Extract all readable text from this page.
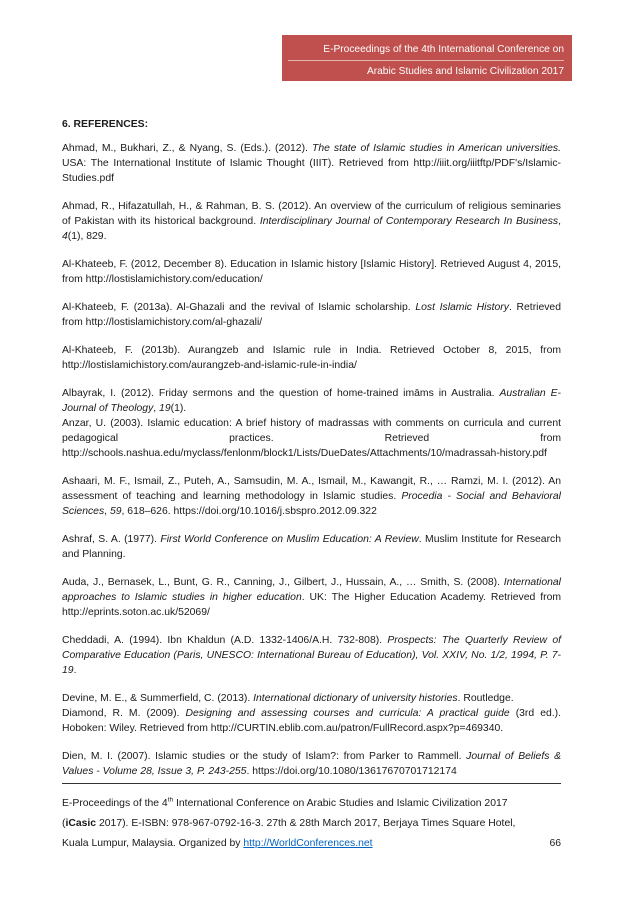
E-Proceedings of the 4th International Conference on
Arabic Studies and Islamic Civilization 2017

6. REFERENCES:

Ahmad, M., Bukhari, Z., & Nyang, S. (Eds.). (2012). The state of Islamic studies in American universities. USA: The International Institute of Islamic Thought (IIIT). Retrieved from http://iiit.org/iiitftp/PDF's/Islamic-Studies.pdf

Ahmad, R., Hifazatullah, H., & Rahman, B. S. (2012). An overview of the curriculum of religious seminaries of Pakistan with its historical background. Interdisciplinary Journal of Contemporary Research In Business, 4(1), 829.

Al-Khateeb, F. (2012, December 8). Education in Islamic history [Islamic History]. Retrieved August 4, 2015, from http://lostislamichistory.com/education/

Al-Khateeb, F. (2013a). Al-Ghazali and the revival of Islamic scholarship. Lost Islamic History. Retrieved from http://lostislamichistory.com/al-ghazali/

Al-Khateeb, F. (2013b). Aurangzeb and Islamic rule in India. Retrieved October 8, 2015, from http://lostislamichistory.com/aurangzeb-and-islamic-rule-in-india/

Albayrak, I. (2012). Friday sermons and the question of home-trained imāms in Australia. Australian E-Journal of Theology, 19(1).

Anzar, U. (2003). Islamic education: A brief history of madrassas with comments on curricula and current pedagogical practices. Retrieved from http://schools.nashua.edu/myclass/fenlonm/block1/Lists/DueDates/Attachments/10/madrassah-history.pdf

Ashaari, M. F., Ismail, Z., Puteh, A., Samsudin, M. A., Ismail, M., Kawangit, R., … Ramzi, M. I. (2012). An assessment of teaching and learning methodology in Islamic studies. Procedia - Social and Behavioral Sciences, 59, 618–626. https://doi.org/10.1016/j.sbspro.2012.09.322

Ashraf, S. A. (1977). First World Conference on Muslim Education: A Review. Muslim Institute for Research and Planning.

Auda, J., Bernasek, L., Bunt, G. R., Canning, J., Gilbert, J., Hussain, A., … Smith, S. (2008). International approaches to Islamic studies in higher education. UK: The Higher Education Academy. Retrieved from http://eprints.soton.ac.uk/52069/

Cheddadi, A. (1994). Ibn Khaldun (A.D. 1332-1406/A.H. 732-808). Prospects: The Quarterly Review of Comparative Education (Paris, UNESCO: International Bureau of Education), Vol. XXIV, No. 1/2, 1994, P. 7-19.

Devine, M. E., & Summerfield, C. (2013). International dictionary of university histories. Routledge.

Diamond, R. M. (2009). Designing and assessing courses and curricula: A practical guide (3rd ed.). Hoboken: Wiley. Retrieved from http://CURTIN.eblib.com.au/patron/FullRecord.aspx?p=469340.

Dien, M. I. (2007). Islamic studies or the study of Islam?: from Parker to Rammell. Journal of Beliefs & Values - Volume 28, Issue 3, P. 243-255. https://doi.org/10.1080/13617670701712174

E-Proceedings of the 4th International Conference on Arabic Studies and Islamic Civilization 2017
(iCasic 2017). E-ISBN: 978-967-0792-16-3. 27th & 28th March 2017, Berjaya Times Square Hotel,
Kuala Lumpur, Malaysia. Organized by http://WorldConferences.net	66
